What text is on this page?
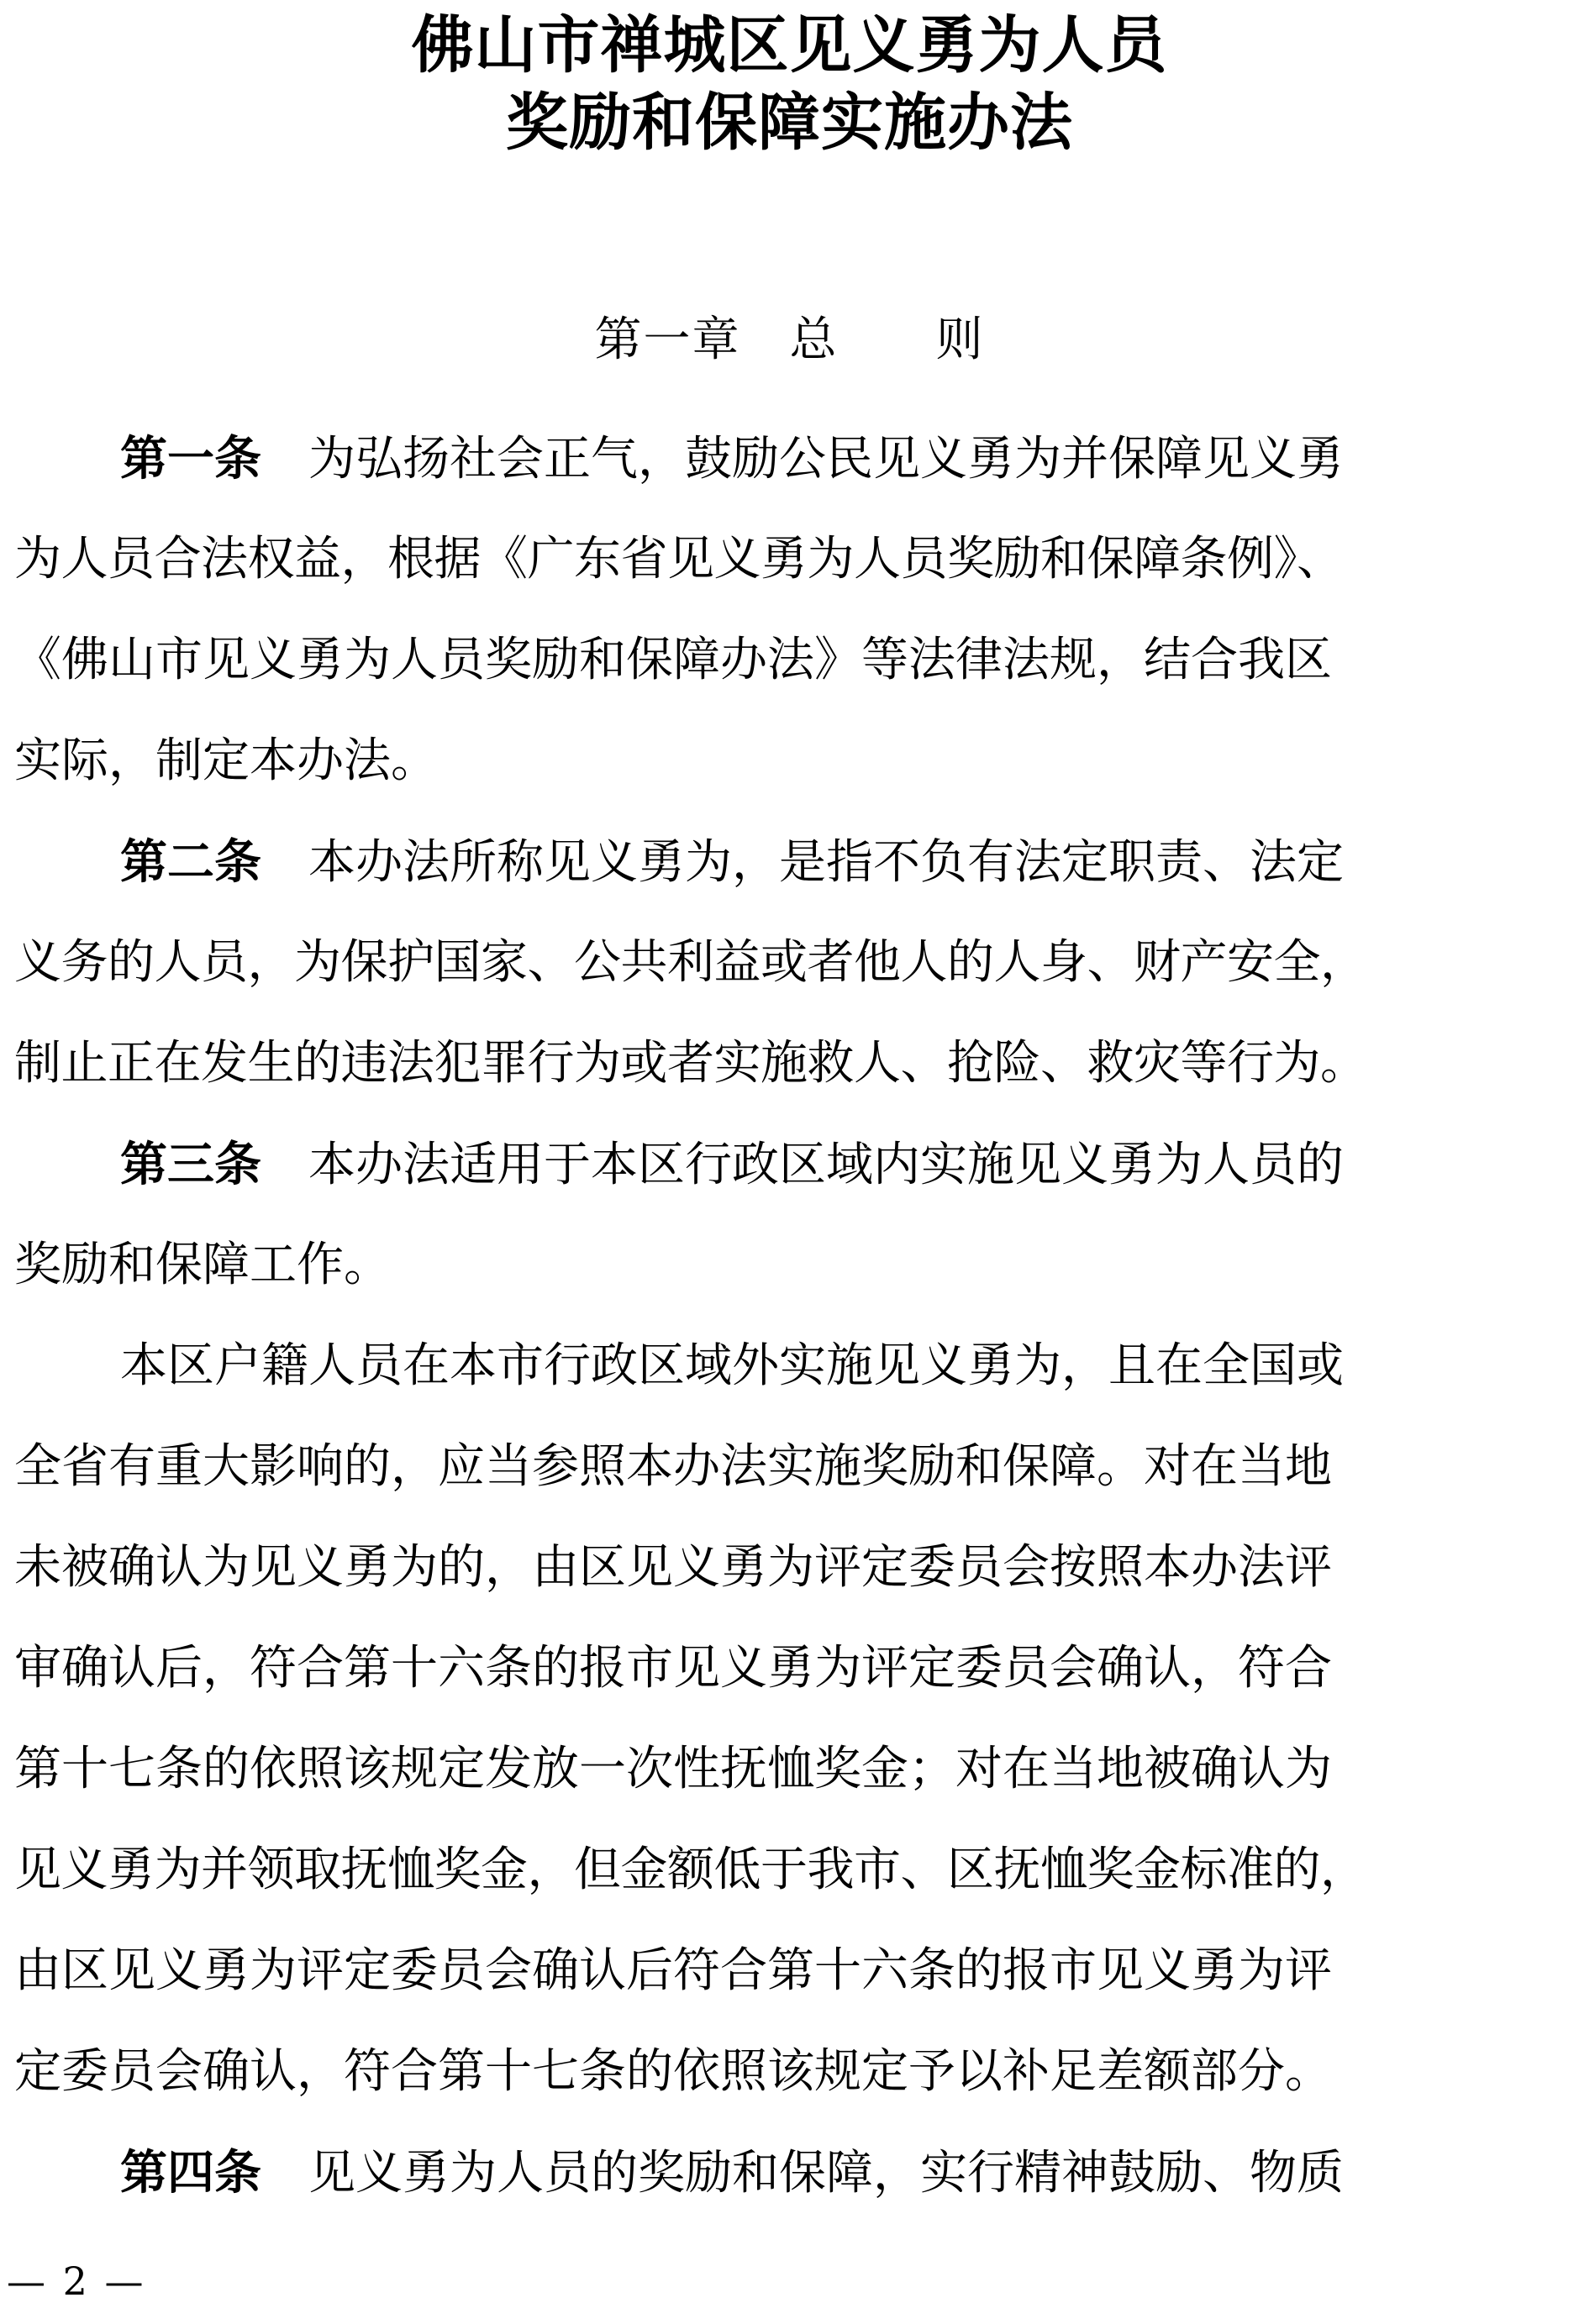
佛山市禅城区见义勇为人员
奖励和保障实施办法
第一章　总　　则
第一条　为弘扬社会正气，鼓励公民见义勇为并保障见义勇
为人员合法权益，根据《广东省见义勇为人员奖励和保障条例》、
《佛山市见义勇为人员奖励和保障办法》等法律法规，结合我区
实际，制定本办法。
第二条　本办法所称见义勇为，是指不负有法定职责、法定
义务的人员，为保护国家、公共利益或者他人的人身、财产安全，
制止正在发生的违法犯罪行为或者实施救人、抢险、救灾等行为。
第三条　本办法适用于本区行政区域内实施见义勇为人员的
奖励和保障工作。
本区户籍人员在本市行政区域外实施见义勇为，且在全国或
全省有重大影响的，应当参照本办法实施奖励和保障。对在当地
未被确认为见义勇为的，由区见义勇为评定委员会按照本办法评
审确认后，符合第十六条的报市见义勇为评定委员会确认，符合
第十七条的依照该规定发放一次性抚恤奖金；对在当地被确认为
见义勇为并领取抚恤奖金，但金额低于我市、区抚恤奖金标准的，
由区见义勇为评定委员会确认后符合第十六条的报市见义勇为评
定委员会确认，符合第十七条的依照该规定予以补足差额部分。
第四条　见义勇为人员的奖励和保障，实行精神鼓励、物质
— 2 —
